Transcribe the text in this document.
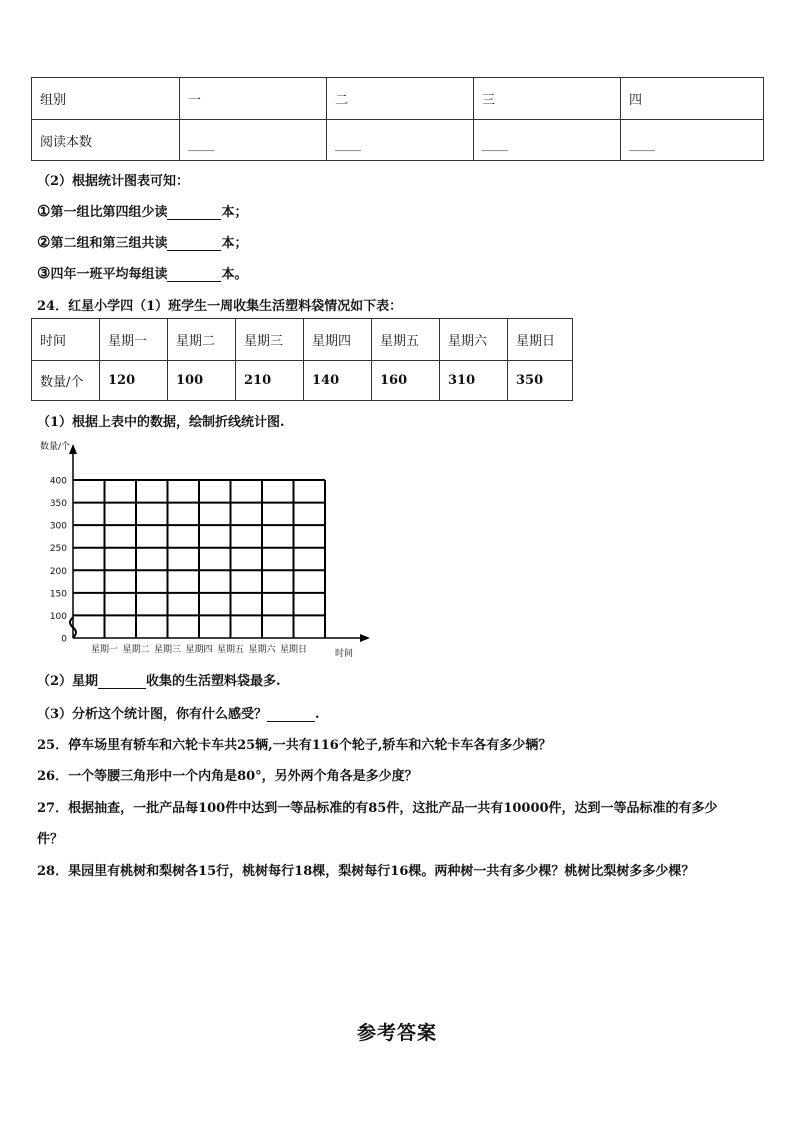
组别	一	二	三	四
阅读本数	____	____	____	____
（2）根据统计图表可知：
①第一组比第四组少读	本；
②第二组和第三组共读	本；
③四年一班平均每组读	本。
24．红星小学四（1）班学生一周收集生活塑料袋情况如下表：
时间	星期一	星期二	星期三	星期四	星期五	星期六	星期日
数量/个	120	100	210	140	160	310	350
（1）根据上表中的数据，绘制折线统计图.
0
100
150
200
250
300
350
400
星期一 星期二 星期三 星期四 星期五 星期六 星期日
数量/个
时间
（2）星期	收集的生活塑料袋最多.
（3）分析这个统计图，你有什么感受？	.
25．停车场里有轿车和六轮卡车共25辆,一共有116个轮子,轿车和六轮卡车各有多少辆？
26．一个等腰三角形中一个内角是80°，另外两个角各是多少度？
27．根据抽查，一批产品每100件中达到一等品标准的有85件，这批产品一共有10000件，达到一等品标准的有多少
件？
28．果园里有桃树和梨树各15行，桃树每行18棵，梨树每行16棵。两种树一共有多少棵？桃树比梨树多多少棵？
参考答案
